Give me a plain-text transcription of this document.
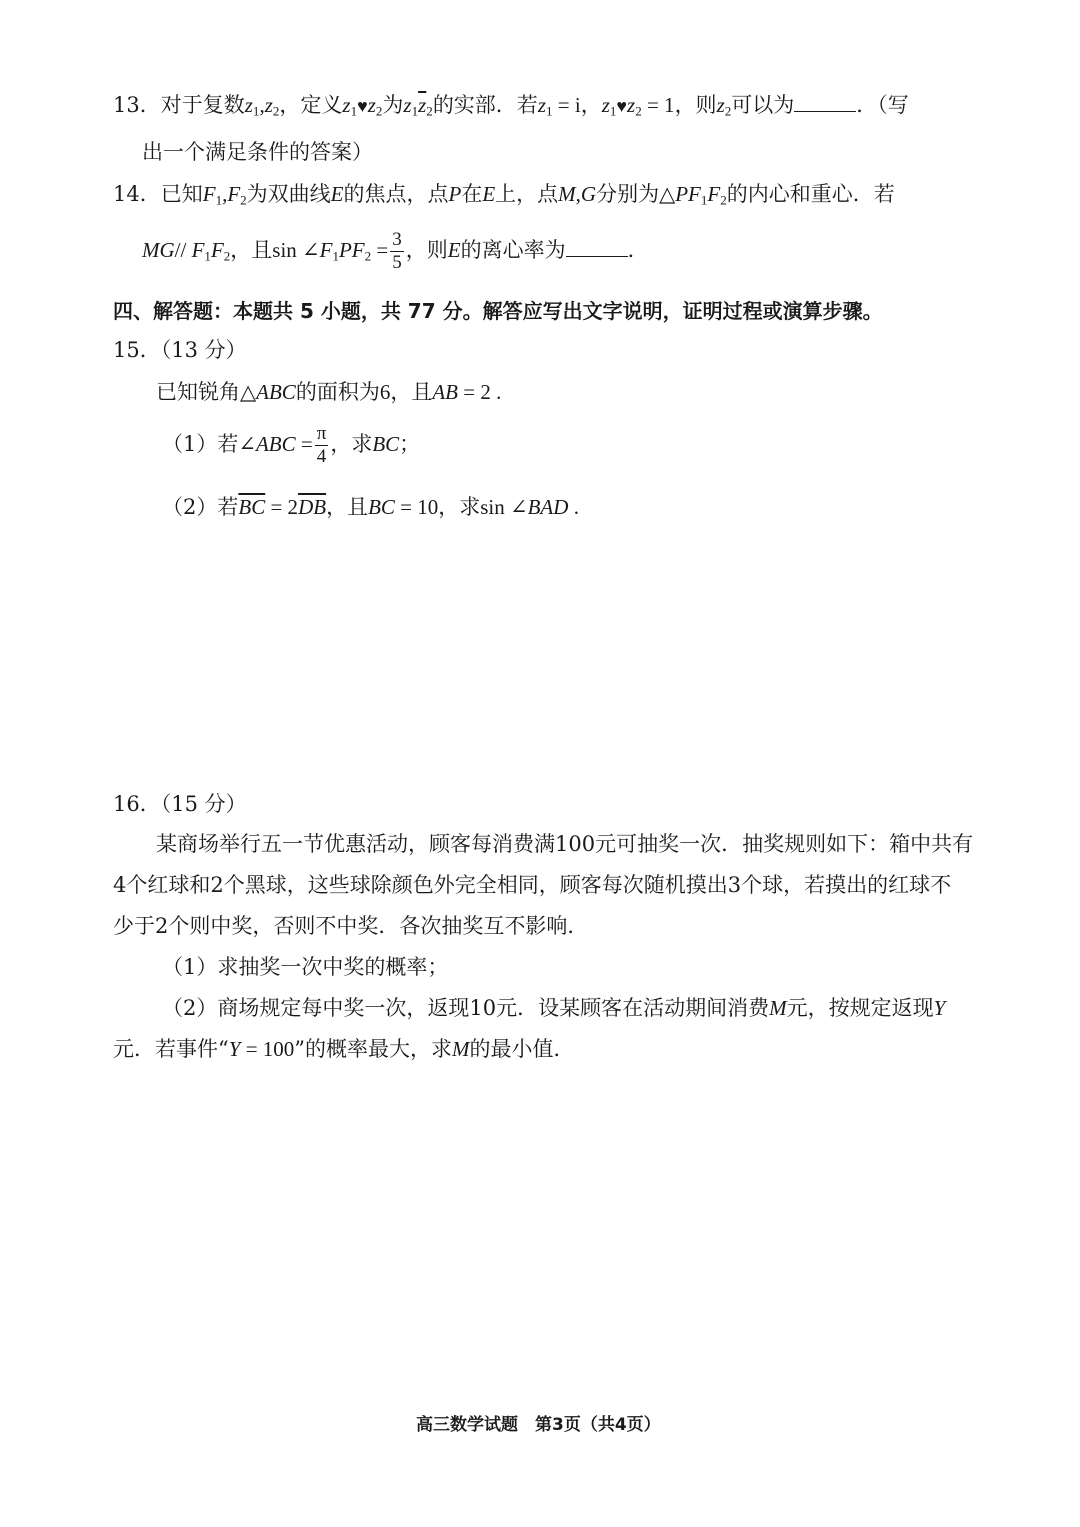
13．对于复数$z_1,z_2$，定义$z_1♥z_2$为$z_1\overline{z}_2$的实部．若$z_1 = i$，$z_1♥z_2 = 1$，则$z_2$可以为	．（写
出一个满足条件的答案）
14．已知$F_1,F_2$为双曲线E的焦点，点P在E上，点M,G分别为$\triangle PF_1F_2$的内心和重心．若
MG// $F_1F_2$，且$\sin \angle F_1PF_2 = \frac{3}{5}$ ，则E的离心率为	．
四、解答题：本题共 5 小题，共 77 分。解答应写出文字说明，证明过程或演算步骤。
15．（13 分）
已知锐角△ABC的面积为6，且AB = 2 .
（1）若∠ABC = $\frac{\pi}{4}$ ，求BC；
（2）若$\overline{BC} = 2\overline{DB}$，且BC = 10，求sin ∠BAD .
16．（15 分）
某商场举行五一节优惠活动，顾客每消费满100元可抽奖一次．抽奖规则如下：箱中共有
4个红球和2个黑球，这些球除颜色外完全相同，顾客每次随机摸出3个球，若摸出的红球不
少于2个则中奖，否则不中奖．各次抽奖互不影响．
（1）求抽奖一次中奖的概率；
（2）商场规定每中奖一次，返现10元．设某顾客在活动期间消费M元，按规定返现Y
元．若事件“Y = 100”的概率最大，求M的最小值．
高三数学试题　第3页（共4页）
